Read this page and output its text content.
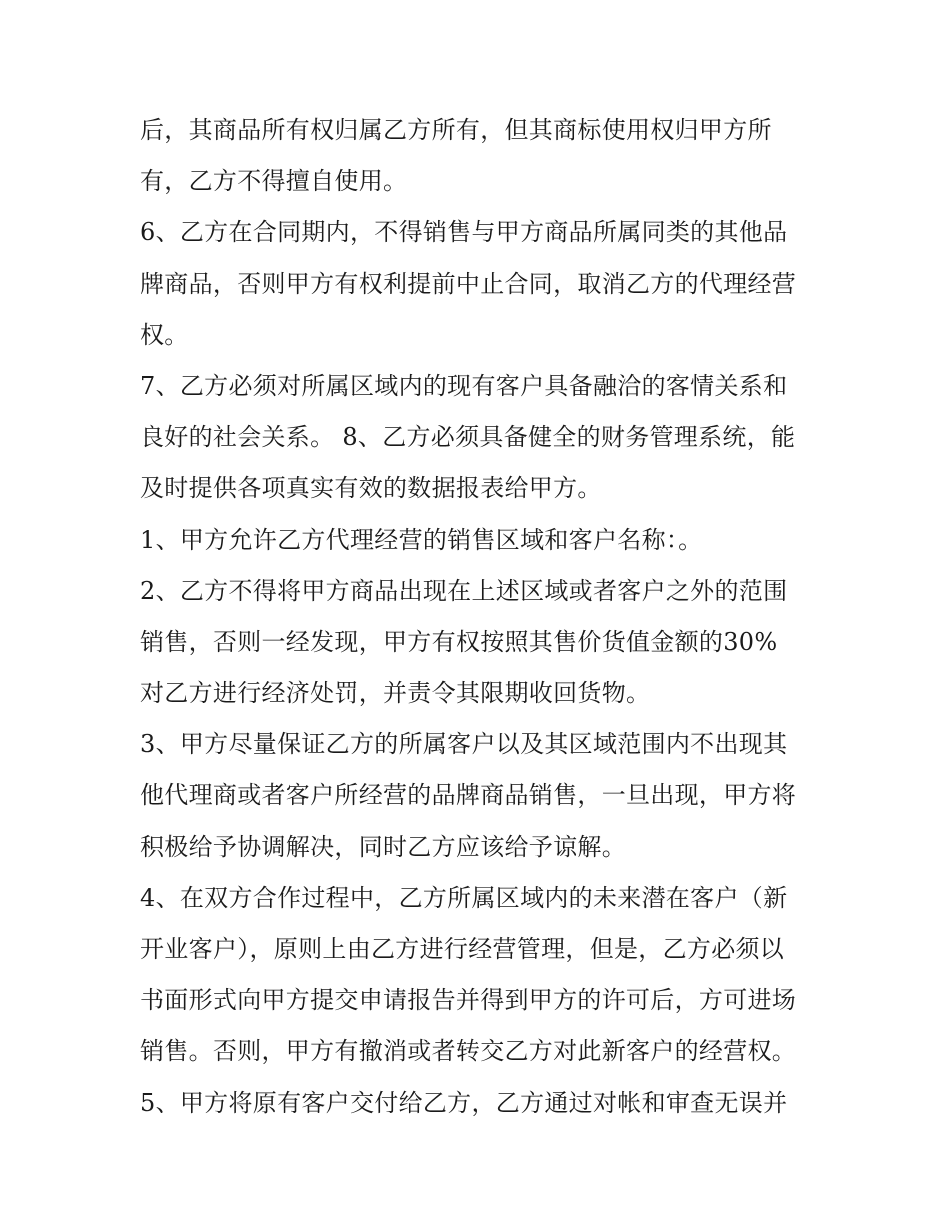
后，其商品所有权归属乙方所有，但其商标使用权归甲方所
有，乙方不得擅自使用。
6、乙方在合同期内，不得销售与甲方商品所属同类的其他品
牌商品，否则甲方有权利提前中止合同，取消乙方的代理经营
权。
7、乙方必须对所属区域内的现有客户具备融洽的客情关系和
良好的社会关系。 8、乙方必须具备健全的财务管理系统，能
及时提供各项真实有效的数据报表给甲方。
1、甲方允许乙方代理经营的销售区域和客户名称：。
2、乙方不得将甲方商品出现在上述区域或者客户之外的范围
销售，否则一经发现，甲方有权按照其售价货值金额的30%
对乙方进行经济处罚，并责令其限期收回货物。
3、甲方尽量保证乙方的所属客户以及其区域范围内不出现其
他代理商或者客户所经营的品牌商品销售，一旦出现，甲方将
积极给予协调解决，同时乙方应该给予谅解。
4、在双方合作过程中，乙方所属区域内的未来潜在客户（新
开业客户），原则上由乙方进行经营管理，但是，乙方必须以
书面形式向甲方提交申请报告并得到甲方的许可后，方可进场
销售。否则，甲方有撤消或者转交乙方对此新客户的经营权。
5、甲方将原有客户交付给乙方，乙方通过对帐和审查无误并
